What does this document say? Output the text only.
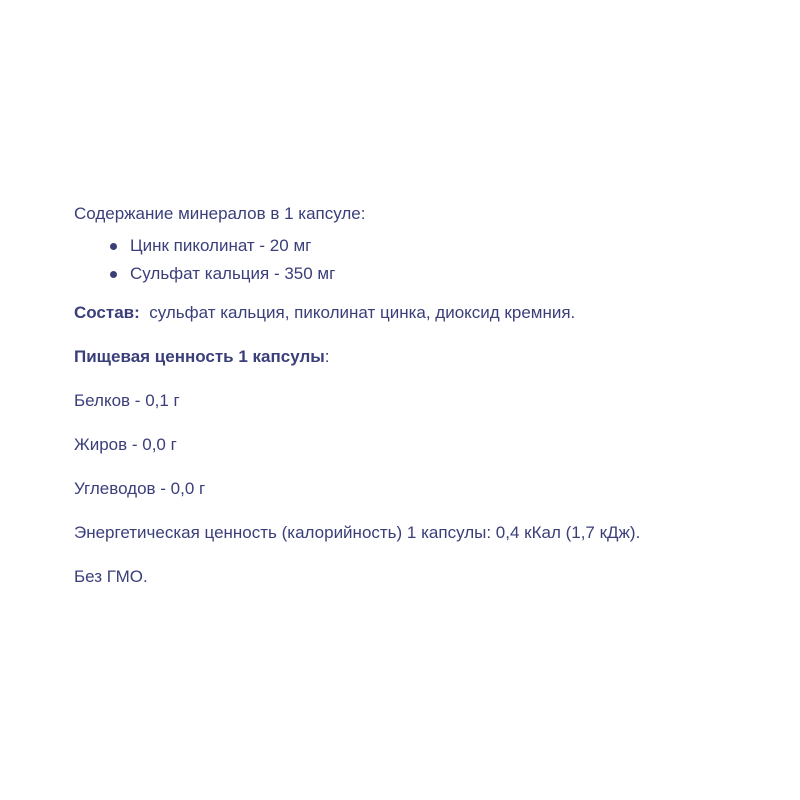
Содержание минералов в 1 капсуле:
Цинк пиколинат - 20 мг
Сульфат кальция - 350 мг
Состав: сульфат кальция, пиколинат цинка, диоксид кремния.
Пищевая ценность 1 капсулы:
Белков - 0,1 г
Жиров - 0,0 г
Углеводов - 0,0 г
Энергетическая ценность (калорийность) 1 капсулы: 0,4 кКал (1,7 кДж).
Без ГМО.
